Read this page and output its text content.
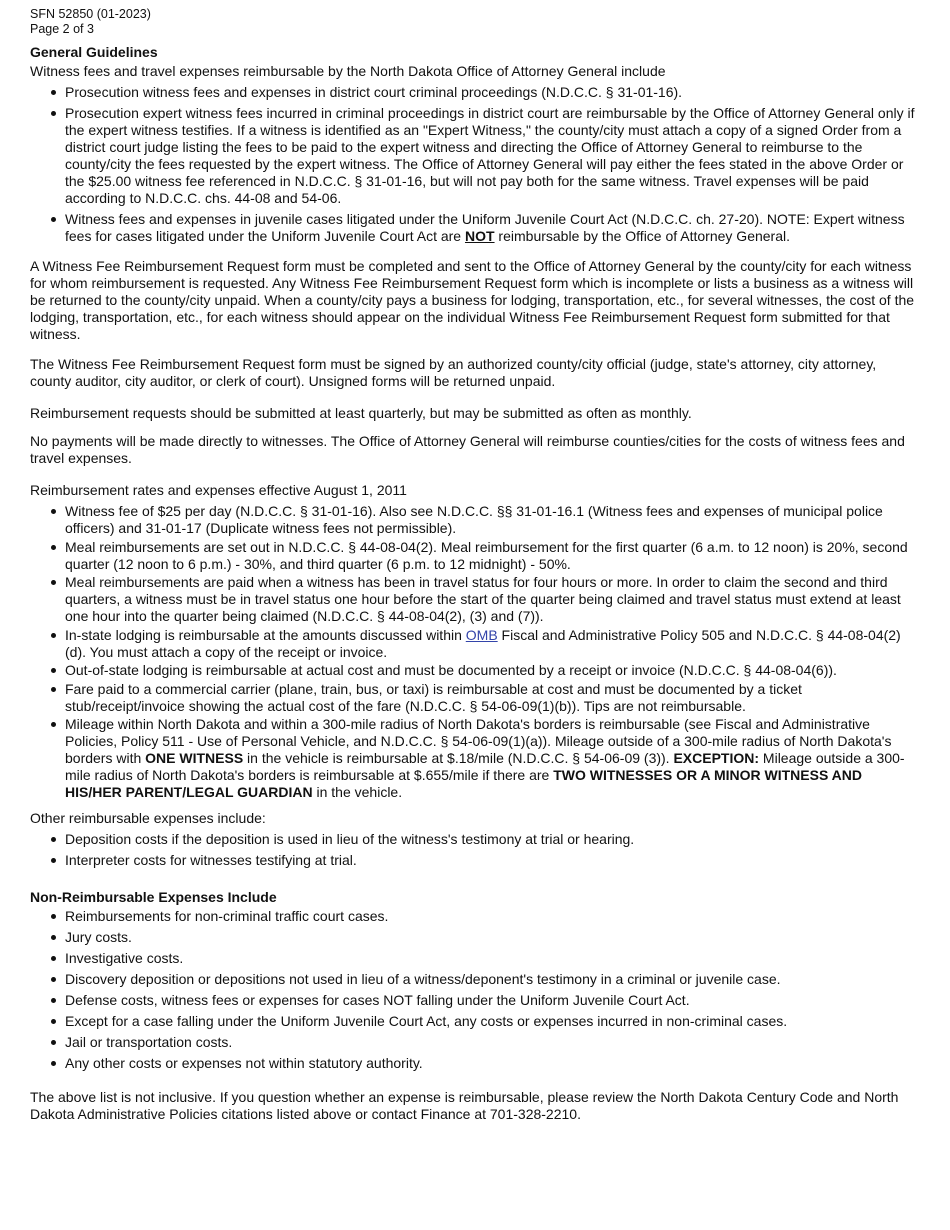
SFN 52850 (01-2023)
Page 2 of 3

General Guidelines

Witness fees and travel expenses reimbursable by the North Dakota Office of Attorney General include

Prosecution witness fees and expenses in district court criminal proceedings (N.D.C.C. § 31-01-16).
Prosecution expert witness fees incurred in criminal proceedings in district court are reimbursable by the Office of Attorney General only if the expert witness testifies. If a witness is identified as an "Expert Witness," the county/city must attach a copy of a signed Order from a district court judge listing the fees to be paid to the expert witness and directing the Office of Attorney General to reimburse to the county/city the fees requested by the expert witness. The Office of Attorney General will pay either the fees stated in the above Order or the $25.00 witness fee referenced in N.D.C.C. § 31-01-16, but will not pay both for the same witness. Travel expenses will be paid according to N.D.C.C. chs. 44-08 and 54-06.
Witness fees and expenses in juvenile cases litigated under the Uniform Juvenile Court Act (N.D.C.C. ch. 27-20). NOTE: Expert witness fees for cases litigated under the Uniform Juvenile Court Act are NOT reimbursable by the Office of Attorney General.

A Witness Fee Reimbursement Request form must be completed and sent to the Office of Attorney General by the county/city for each witness for whom reimbursement is requested. Any Witness Fee Reimbursement Request form which is incomplete or lists a business as a witness will be returned to the county/city unpaid. When a county/city pays a business for lodging, transportation, etc., for several witnesses, the cost of the lodging, transportation, etc., for each witness should appear on the individual Witness Fee Reimbursement Request form submitted for that witness.

The Witness Fee Reimbursement Request form must be signed by an authorized county/city official (judge, state's attorney, city attorney, county auditor, city auditor, or clerk of court). Unsigned forms will be returned unpaid.

Reimbursement requests should be submitted at least quarterly, but may be submitted as often as monthly.

No payments will be made directly to witnesses. The Office of Attorney General will reimburse counties/cities for the costs of witness fees and travel expenses.

Reimbursement rates and expenses effective August 1, 2011

Witness fee of $25 per day (N.D.C.C. § 31-01-16). Also see N.D.C.C. §§ 31-01-16.1 (Witness fees and expenses of municipal police officers) and 31-01-17 (Duplicate witness fees not permissible).
Meal reimbursements are set out in N.D.C.C. § 44-08-04(2). Meal reimbursement for the first quarter (6 a.m. to 12 noon) is 20%, second quarter (12 noon to 6 p.m.) - 30%, and third quarter (6 p.m. to 12 midnight) - 50%.
Meal reimbursements are paid when a witness has been in travel status for four hours or more. In order to claim the second and third quarters, a witness must be in travel status one hour before the start of the quarter being claimed and travel status must extend at least one hour into the quarter being claimed (N.D.C.C. § 44-08-04(2), (3) and (7)).
In-state lodging is reimbursable at the amounts discussed within OMB Fiscal and Administrative Policy 505 and N.D.C.C. § 44-08-04(2)(d). You must attach a copy of the receipt or invoice.
Out-of-state lodging is reimbursable at actual cost and must be documented by a receipt or invoice (N.D.C.C. § 44-08-04(6)).
Fare paid to a commercial carrier (plane, train, bus, or taxi) is reimbursable at cost and must be documented by a ticket stub/receipt/invoice showing the actual cost of the fare (N.D.C.C. § 54-06-09(1)(b)). Tips are not reimbursable.
Mileage within North Dakota and within a 300-mile radius of North Dakota's borders is reimbursable (see Fiscal and Administrative Policies, Policy 511 - Use of Personal Vehicle, and N.D.C.C. § 54-06-09(1)(a)). Mileage outside of a 300-mile radius of North Dakota's borders with ONE WITNESS in the vehicle is reimbursable at $.18/mile (N.D.C.C. § 54-06-09 (3)). EXCEPTION: Mileage outside a 300-mile radius of North Dakota's borders is reimbursable at $.655/mile if there are TWO WITNESSES OR A MINOR WITNESS AND HIS/HER PARENT/LEGAL GUARDIAN in the vehicle.

Other reimbursable expenses include:

Deposition costs if the deposition is used in lieu of the witness's testimony at trial or hearing.
Interpreter costs for witnesses testifying at trial.

Non-Reimbursable Expenses Include

Reimbursements for non-criminal traffic court cases.
Jury costs.
Investigative costs.
Discovery deposition or depositions not used in lieu of a witness/deponent's testimony in a criminal or juvenile case.
Defense costs, witness fees or expenses for cases NOT falling under the Uniform Juvenile Court Act.
Except for a case falling under the Uniform Juvenile Court Act, any costs or expenses incurred in non-criminal cases.
Jail or transportation costs.
Any other costs or expenses not within statutory authority.

The above list is not inclusive. If you question whether an expense is reimbursable, please review the North Dakota Century Code and North Dakota Administrative Policies citations listed above or contact Finance at 701-328-2210.
